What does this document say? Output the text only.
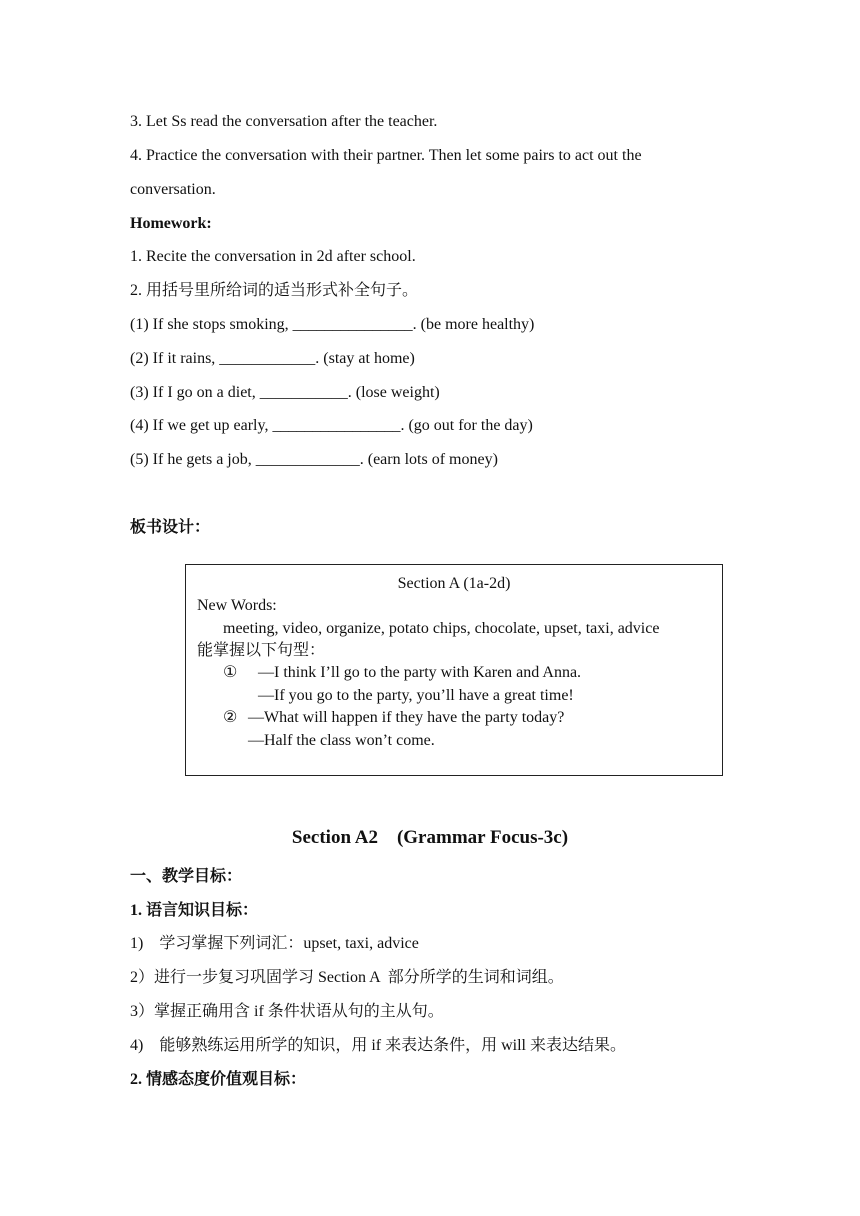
3. Let Ss read the conversation after the teacher.
4. Practice the conversation with their partner. Then let some pairs to act out the
conversation.
Homework:
1. Recite the conversation in 2d after school.
2. 用括号里所给词的适当形式补全句子。
(1) If she stops smoking, _______________. (be more healthy)
(2) If it rains, ____________. (stay at home)
(3) If I go on a diet, ___________. (lose weight)
(4) If we get up early, ________________. (go out for the day)
(5) If he gets a job, _____________. (earn lots of money)
板书设计：
Section A (1a-2d)
New Words:
meeting, video, organize, potato chips, chocolate, upset, taxi, advice
能掌握以下句型：
① —I think I’ll go to the party with Karen and Anna.
—If you go to the party, you’ll have a great time!
② —What will happen if they have the party today?
—Half the class won’t come.
Section A2    (Grammar Focus-3c)
一、教学目标：
1. 语言知识目标：
1)    学习掌握下列词汇：upset, taxi, advice
2）进行一步复习巩固学习 Section A  部分所学的生词和词组。
3）掌握正确用含 if 条件状语从句的主从句。
4)    能够熟练运用所学的知识，用 if 来表达条件，用 will 来表达结果。
2. 情感态度价值观目标：
